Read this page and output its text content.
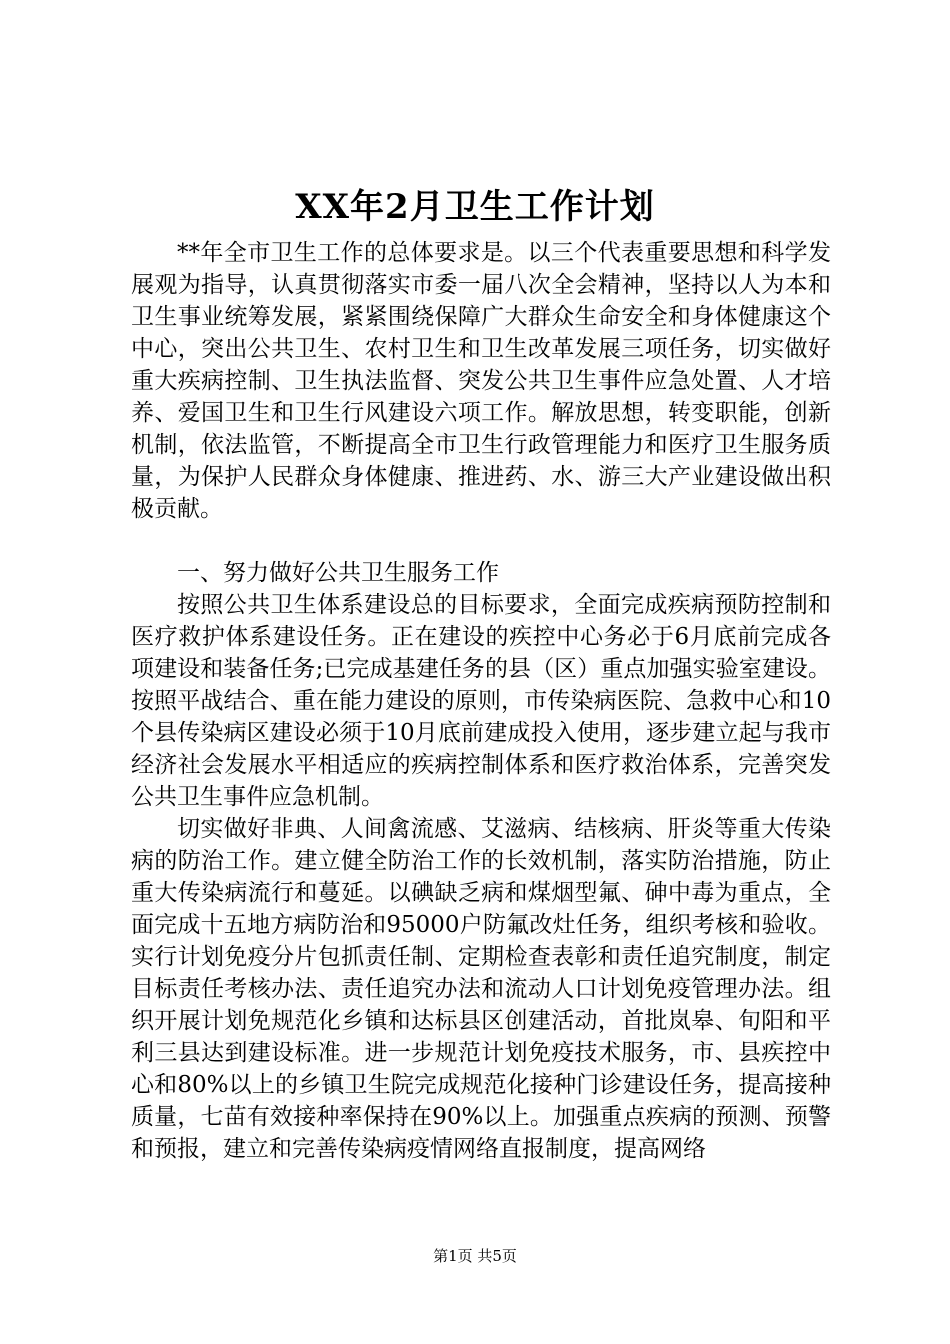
XX年2月卫生工作计划

**年全市卫生工作的总体要求是。以三个代表重要思想和科学发展观为指导，认真贯彻落实市委一届八次全会精神，坚持以人为本和卫生事业统筹发展，紧紧围绕保障广大群众生命安全和身体健康这个中心，突出公共卫生、农村卫生和卫生改革发展三项任务，切实做好重大疾病控制、卫生执法监督、突发公共卫生事件应急处置、人才培养、爱国卫生和卫生行风建设六项工作。解放思想，转变职能，创新机制，依法监管，不断提高全市卫生行政管理能力和医疗卫生服务质量，为保护人民群众身体健康、推进药、水、游三大产业建设做出积极贡献。

一、努力做好公共卫生服务工作

按照公共卫生体系建设总的目标要求，全面完成疾病预防控制和医疗救护体系建设任务。正在建设的疾控中心务必于6月底前完成各项建设和装备任务;已完成基建任务的县（区）重点加强实验室建设。按照平战结合、重在能力建设的原则，市传染病医院、急救中心和10个县传染病区建设必须于10月底前建成投入使用，逐步建立起与我市经济社会发展水平相适应的疾病控制体系和医疗救治体系，完善突发公共卫生事件应急机制。

切实做好非典、人间禽流感、艾滋病、结核病、肝炎等重大传染病的防治工作。建立健全防治工作的长效机制，落实防治措施，防止重大传染病流行和蔓延。以碘缺乏病和煤烟型氟、砷中毒为重点，全面完成十五地方病防治和95000户防氟改灶任务，组织考核和验收。实行计划免疫分片包抓责任制、定期检查表彰和责任追究制度，制定目标责任考核办法、责任追究办法和流动人口计划免疫管理办法。组织开展计划免规范化乡镇和达标县区创建活动，首批岚皋、旬阳和平利三县达到建设标准。进一步规范计划免疫技术服务，市、县疾控中心和80%以上的乡镇卫生院完成规范化接种门诊建设任务，提高接种质量，七苗有效接种率保持在90%以上。加强重点疾病的预测、预警和预报，建立和完善传染病疫情网络直报制度，提高网络

第1页 共5页
